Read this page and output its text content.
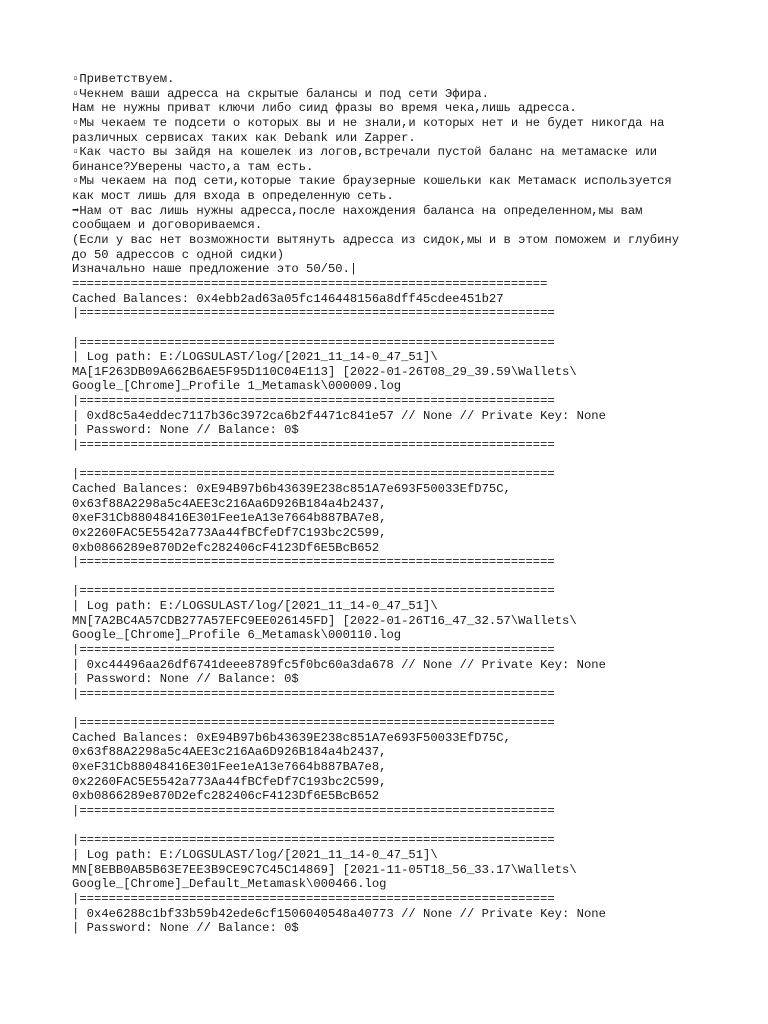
▫Приветствуем.
▫Чекнем ваши адресса на скрытые балансы и под сети Эфира.
Нам не нужны приват ключи либо сиид фразы во время чека,лишь адресса.
▫Мы чекаем те подсети о которых вы и не знали,и которых нет и не будет никогда на
различных сервисах таких как Debank или Zapper.
▫Как часто вы зайдя на кошелек из логов,встречали пустой баланс на метамаске или
бинансе?Уверены часто,а там есть.
▫Мы чекаем на под сети,которые такие браузерные кошельки как Метамаск используется
как мост лишь для входа в определенную сеть.
➡Нам от вас лишь нужны адресса,после нахождения баланса на определенном,мы вам
сообщаем и договориваемся.
(Если у вас нет возможности вытянуть адресса из сидок,мы и в этом поможем и глубину
до 50 адрессов с одной сидки)
Изначально наше предложение это 50/50.|
=================================================================
Cached Balances: 0x4ebb2ad63a05fc146448156a8dff45cdee451b27
|=================================================================
|=================================================================
| Log path: E:/LOGSULAST/log/[2021_11_14-0_47_51]\
MA[1F263DB09A662B6AE5F95D110C04E113] [2022-01-26T08_29_39.59\Wallets\
Google_[Chrome]_Profile 1_Metamask\000009.log
|=================================================================
| 0xd8c5a4eddec7117b36c3972ca6b2f4471c841e57 // None // Private Key: None
| Password: None // Balance: 0$
|=================================================================
|=================================================================
Cached Balances: 0xE94B97b6b43639E238c851A7e693F50033EfD75C,
0x63f88A2298a5c4AEE3c216Aa6D926B184a4b2437,
0xeF31Cb88048416E301Fee1eA13e7664b887BA7e8,
0x2260FAC5E5542a773Aa44fBCfeDf7C193bc2C599,
0xb0866289e870D2efc282406cF4123Df6E5BcB652
|=================================================================
|=================================================================
| Log path: E:/LOGSULAST/log/[2021_11_14-0_47_51]\
MN[7A2BC4A57CDB277A57EFC9EE026145FD] [2022-01-26T16_47_32.57\Wallets\
Google_[Chrome]_Profile 6_Metamask\000110.log
|=================================================================
| 0xc44496aa26df6741deee8789fc5f0bc60a3da678 // None // Private Key: None
| Password: None // Balance: 0$
|=================================================================
|=================================================================
Cached Balances: 0xE94B97b6b43639E238c851A7e693F50033EfD75C,
0x63f88A2298a5c4AEE3c216Aa6D926B184a4b2437,
0xeF31Cb88048416E301Fee1eA13e7664b887BA7e8,
0x2260FAC5E5542a773Aa44fBCfeDf7C193bc2C599,
0xb0866289e870D2efc282406cF4123Df6E5BcB652
|=================================================================
|=================================================================
| Log path: E:/LOGSULAST/log/[2021_11_14-0_47_51]\
MN[8EBB0AB5B63E7EE3B9CE9C7C45C14869] [2021-11-05T18_56_33.17\Wallets\
Google_[Chrome]_Default_Metamask\000466.log
|=================================================================
| 0x4e6288c1bf33b59b42ede6cf1506040548a40773 // None // Private Key: None
| Password: None // Balance: 0$
